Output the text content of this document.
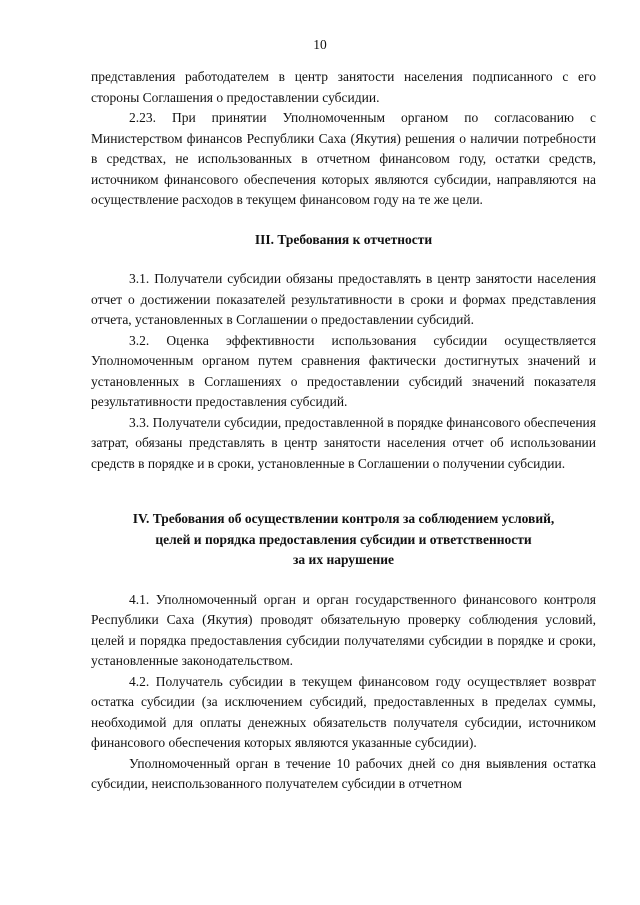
10

представления работодателем в центр занятости населения подписанного с его стороны Соглашения о предоставлении субсидии.

2.23. При принятии Уполномоченным органом по согласованию с Министерством финансов Республики Саха (Якутия) решения о наличии потребности в средствах, не использованных в отчетном финансовом году, остатки средств, источником финансового обеспечения которых являются субсидии, направляются на осуществление расходов в текущем финансовом году на те же цели.

III. Требования к отчетности

3.1. Получатели субсидии обязаны предоставлять в центр занятости населения отчет о достижении показателей результативности в сроки и формах представления отчета, установленных в Соглашении о предоставлении субсидий.

3.2. Оценка эффективности использования субсидии осуществляется Уполномоченным органом путем сравнения фактически достигнутых значений и установленных в Соглашениях о предоставлении субсидий значений показателя результативности предоставления субсидий.

3.3. Получатели субсидии, предоставленной в порядке финансового обеспечения затрат, обязаны представлять в центр занятости населения отчет об использовании средств в порядке и в сроки, установленные в Соглашении о получении субсидии.

IV. Требования об осуществлении контроля за соблюдением условий,
целей и порядка предоставления субсидии и ответственности
за их нарушение

4.1. Уполномоченный орган и орган государственного финансового контроля Республики Саха (Якутия) проводят обязательную проверку соблюдения условий, целей и порядка предоставления субсидии получателями субсидии в порядке и сроки, установленные законодательством.

4.2. Получатель субсидии в текущем финансовом году осуществляет возврат остатка субсидии (за исключением субсидий, предоставленных в пределах суммы, необходимой для оплаты денежных обязательств получателя субсидии, источником финансового обеспечения которых являются указанные субсидии).

Уполномоченный орган в течение 10 рабочих дней со дня выявления остатка субсидии, неиспользованного получателем субсидии в отчетном
